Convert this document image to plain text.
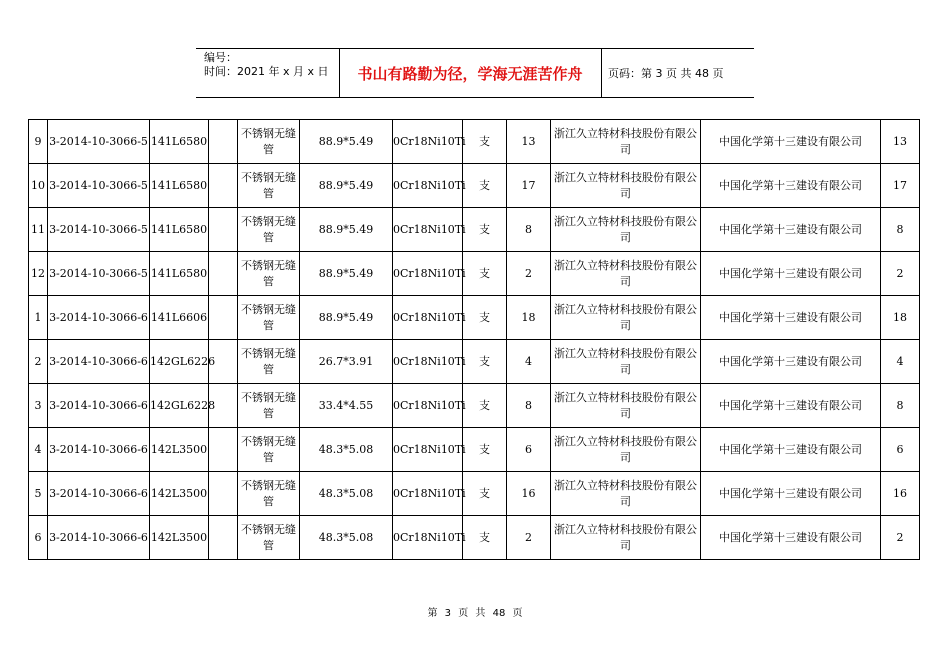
编号：
时间：2021 年 x 月 x 日	书山有路勤为径，学海无涯苦作舟	页码：第 3 页 共 48 页
9	3-2014-10-3066-5	141L6580		不锈钢无缝管	88.9*5.49	0Cr18Ni10Ti	支	13	浙江久立特材科技股份有限公司	中国化学第十三建设有限公司	13
10	3-2014-10-3066-5	141L6580		不锈钢无缝管	88.9*5.49	0Cr18Ni10Ti	支	17	浙江久立特材科技股份有限公司	中国化学第十三建设有限公司	17
11	3-2014-10-3066-5	141L6580		不锈钢无缝管	88.9*5.49	0Cr18Ni10Ti	支	8	浙江久立特材科技股份有限公司	中国化学第十三建设有限公司	8
12	3-2014-10-3066-5	141L6580		不锈钢无缝管	88.9*5.49	0Cr18Ni10Ti	支	2	浙江久立特材科技股份有限公司	中国化学第十三建设有限公司	2
1	3-2014-10-3066-6	141L6606		不锈钢无缝管	88.9*5.49	0Cr18Ni10Ti	支	18	浙江久立特材科技股份有限公司	中国化学第十三建设有限公司	18
2	3-2014-10-3066-6	142GL6226		不锈钢无缝管	26.7*3.91	0Cr18Ni10Ti	支	4	浙江久立特材科技股份有限公司	中国化学第十三建设有限公司	4
3	3-2014-10-3066-6	142GL6228		不锈钢无缝管	33.4*4.55	0Cr18Ni10Ti	支	8	浙江久立特材科技股份有限公司	中国化学第十三建设有限公司	8
4	3-2014-10-3066-6	142L3500		不锈钢无缝管	48.3*5.08	0Cr18Ni10Ti	支	6	浙江久立特材科技股份有限公司	中国化学第十三建设有限公司	6
5	3-2014-10-3066-6	142L3500		不锈钢无缝管	48.3*5.08	0Cr18Ni10Ti	支	16	浙江久立特材科技股份有限公司	中国化学第十三建设有限公司	16
6	3-2014-10-3066-6	142L3500		不锈钢无缝管	48.3*5.08	0Cr18Ni10Ti	支	2	浙江久立特材科技股份有限公司	中国化学第十三建设有限公司	2
第 3 页 共 48 页
